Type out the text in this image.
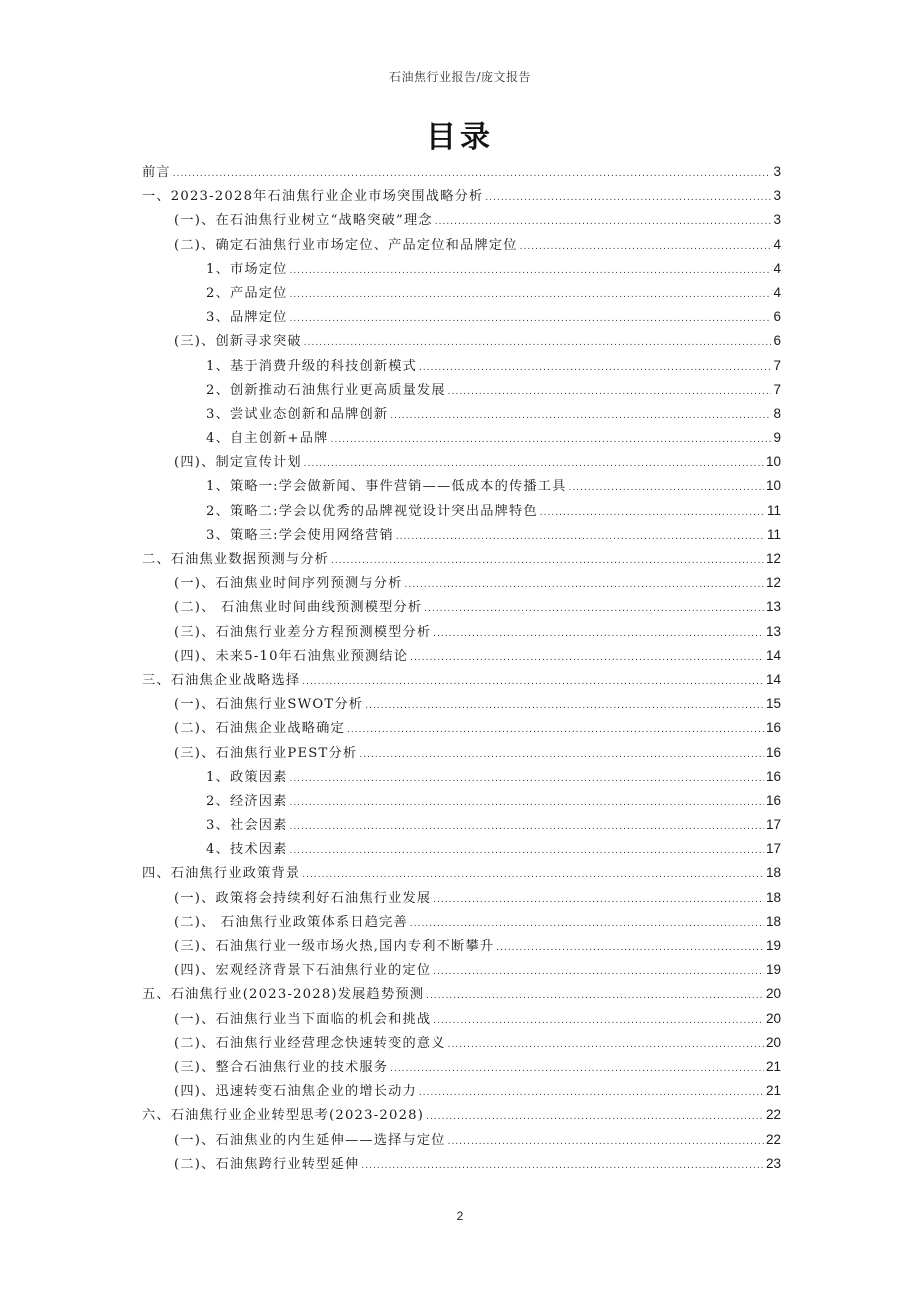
石油焦行业报告/庞文报告
目录
前言 .....	3
一、2023-2028年石油焦行业企业市场突围战略分析 .....	3
(一)、在石油焦行业树立“战略突破”理念 .....	3
(二)、确定石油焦行业市场定位、产品定位和品牌定位 .....	4
1、市场定位 .....	4
2、产品定位 .....	4
3、品牌定位 .....	6
(三)、创新寻求突破 .....	6
1、基于消费升级的科技创新模式 .....	7
2、创新推动石油焦行业更高质量发展 .....	7
3、尝试业态创新和品牌创新 .....	8
4、自主创新+品牌 .....	9
(四)、制定宣传计划 .....	10
1、策略一:学会做新闻、事件营销——低成本的传播工具 .....	10
2、策略二:学会以优秀的品牌视觉设计突出品牌特色 .....	11
3、策略三:学会使用网络营销 .....	11
二、石油焦业数据预测与分析 .....	12
(一)、石油焦业时间序列预测与分析 .....	12
(二)、 石油焦业时间曲线预测模型分析 .....	13
(三)、石油焦行业差分方程预测模型分析 .....	13
(四)、未来5-10年石油焦业预测结论 .....	14
三、石油焦企业战略选择 .....	14
(一)、石油焦行业SWOT分析 .....	15
(二)、石油焦企业战略确定 .....	16
(三)、石油焦行业PEST分析 .....	16
1、政策因素 .....	16
2、经济因素 .....	16
3、社会因素 .....	17
4、技术因素 .....	17
四、石油焦行业政策背景 .....	18
(一)、政策将会持续利好石油焦行业发展 .....	18
(二)、 石油焦行业政策体系日趋完善 .....	18
(三)、石油焦行业一级市场火热,国内专利不断攀升 .....	19
(四)、宏观经济背景下石油焦行业的定位 .....	19
五、石油焦行业(2023-2028)发展趋势预测 .....	20
(一)、石油焦行业当下面临的机会和挑战 .....	20
(二)、石油焦行业经营理念快速转变的意义 .....	20
(三)、整合石油焦行业的技术服务 .....	21
(四)、迅速转变石油焦企业的增长动力 .....	21
六、石油焦行业企业转型思考(2023-2028) .....	22
(一)、石油焦业的内生延伸——选择与定位 .....	22
(二)、石油焦跨行业转型延伸 .....	23
2
